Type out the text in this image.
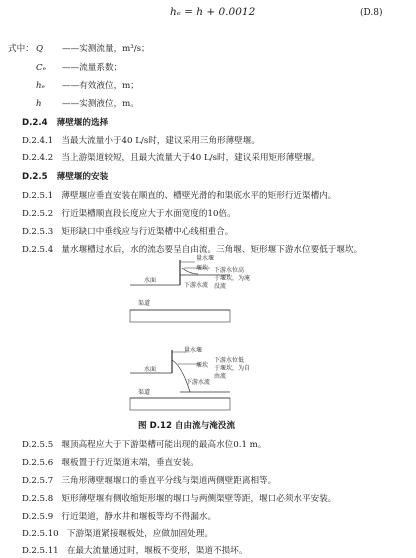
hₑ = h + 0.0012	(D.8)
式中： Q ——实测流量，m³/s；
Cₑ ——流量系数；
hₑ ——有效液位，m；
h ——实测液位，m。
D.2.4 薄壁堰的选择
D.2.4.1 当最大流量小于40 L/s时，建议采用三角形薄壁堰。
D.2.4.2 当上游渠道较短，且最大流量大于40 L/s时，建议采用矩形薄壁堰。
D.2.5 薄壁堰的安装
D.2.5.1 薄壁堰应垂直安装在顺直的、槽壁光滑的和渠底水平的矩形行近渠槽内。
D.2.5.2 行近渠槽顺直段长度应大于水面宽度的10倍。
D.2.5.3 矩形缺口中垂线应与行近渠槽中心线相重合。
D.2.5.4 量水堰槽过水后，水的流态要呈自由流。三角堰、矩形堰下游水位要低于堰坎。
量水堰
堰坎
水面
下游水流
渠道
下游水位高
于堰坎，为淹
没流
量水堰
堰坎
水面
下游水流
渠道
下游水位低
于堰坎，为自
由流
图 D.12 自由流与淹没流
D.2.5.5 堰顶高程应大于下游渠槽可能出现的最高水位0.1 m。
D.2.5.6 堰板置于行近渠道末端，垂直安装。
D.2.5.7 三角形薄壁堰堰口的垂直平分线与渠道两侧壁距离相等。
D.2.5.8 矩形薄壁堰有侧收缩矩形堰的堰口与两侧渠壁等距，堰口必须水平安装。
D.2.5.9 行近渠道，静水井和堰板等均不得漏水。
D.2.5.10 下游渠道紧接堰板处，应做加固处理。
D.2.5.11 在最大流量通过时，堰板不变形，渠道不损坏。
